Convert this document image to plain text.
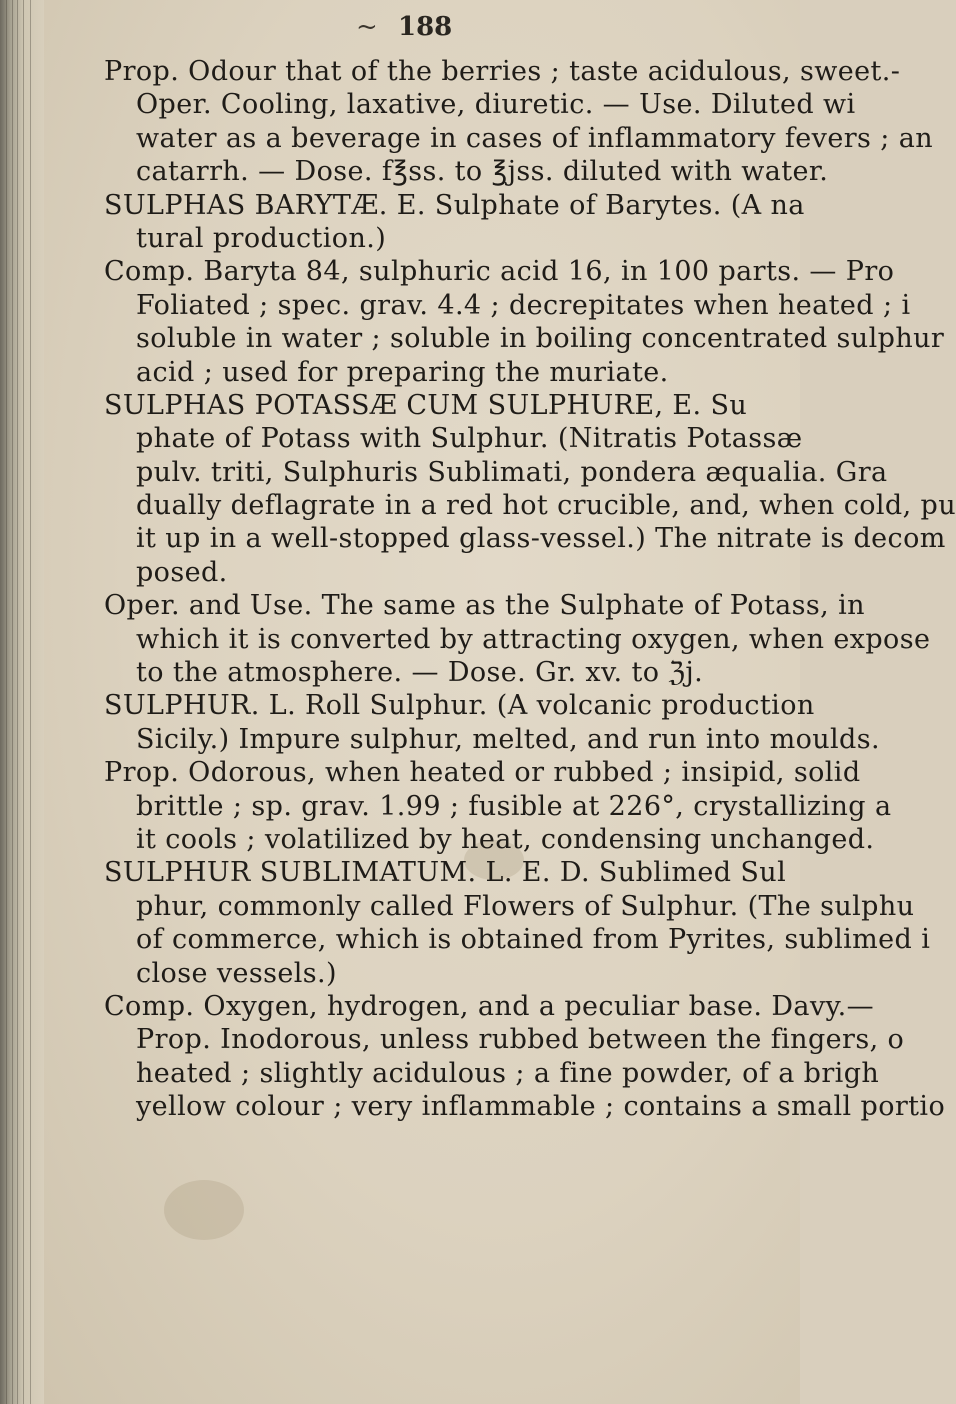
~ 188
Prop. Odour that of the berries ; taste acidulous, sweet.-
Oper. Cooling, laxative, diuretic. — Use. Diluted wi
water as a beverage in cases of inflammatory fevers ; an
catarrh. — Dose. f℥ss. to ℥jss. diluted with water.
SULPHAS BARYTÆ. E. Sulphate of Barytes. (A na
tural production.)
Comp. Baryta 84, sulphuric acid 16, in 100 parts. — Pro
Foliated ; spec. grav. 4.4 ; decrepitates when heated ; i
soluble in water ; soluble in boiling concentrated sulphur
acid ; used for preparing the muriate.
SULPHAS POTASSÆ CUM SULPHURE, E. Su
phate of Potass with Sulphur. (Nitratis Potassæ
pulv. triti, Sulphuris Sublimati, pondera æqualia. Gra
dually deflagrate in a red hot crucible, and, when cold, pu
it up in a well-stopped glass-vessel.) The nitrate is decom
posed.
Oper. and Use. The same as the Sulphate of Potass, in
which it is converted by attracting oxygen, when expose
to the atmosphere. — Dose. Gr. xv. to ℨj.
SULPHUR. L. Roll Sulphur. (A volcanic production
Sicily.) Impure sulphur, melted, and run into moulds.
Prop. Odorous, when heated or rubbed ; insipid, solid
brittle ; sp. grav. 1.99 ; fusible at 226°, crystallizing a
it cools ; volatilized by heat, condensing unchanged.
SULPHUR SUBLIMATUM. L. E. D. Sublimed Sul
phur, commonly called Flowers of Sulphur. (The sulphu
of commerce, which is obtained from Pyrites, sublimed i
close vessels.)
Comp. Oxygen, hydrogen, and a peculiar base. Davy.—
Prop. Inodorous, unless rubbed between the fingers, o
heated ; slightly acidulous ; a fine powder, of a brigh
yellow colour ; very inflammable ; contains a small portio
